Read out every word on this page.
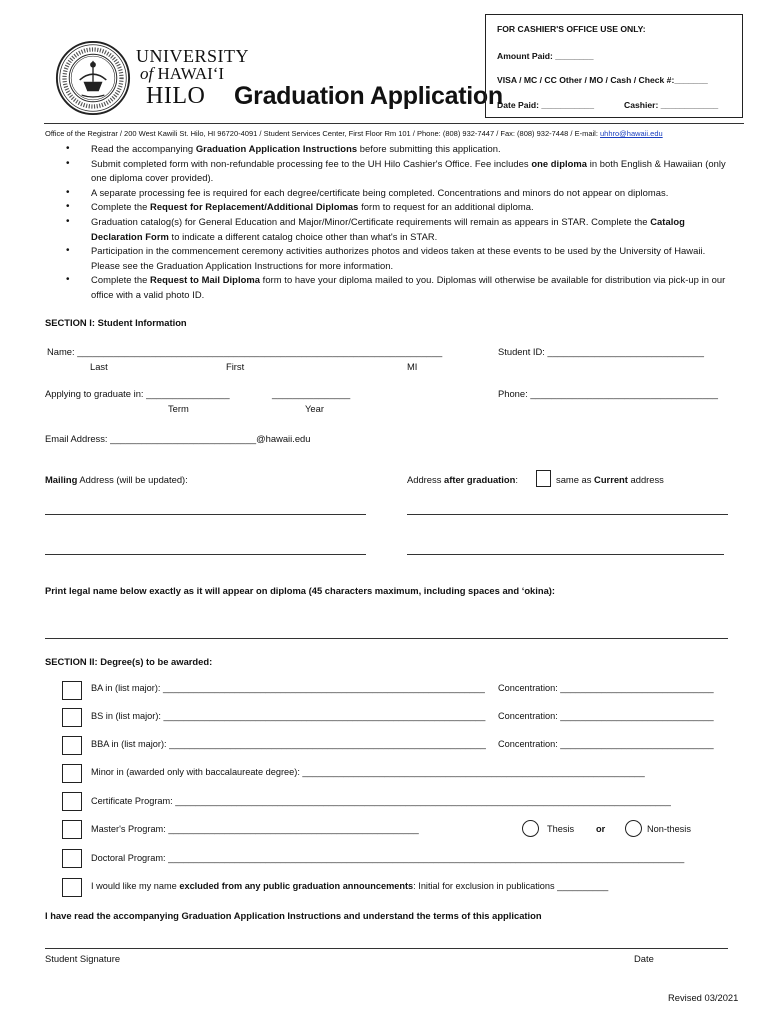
UNIVERSITY
of HAWAI‘I
HILO Graduation Application
FOR CASHIER'S OFFICE USE ONLY:
Amount Paid: ________
VISA / MC / CC Other / MO / Cash / Check #:_______
Date Paid: ___________	Cashier: ____________
Office of the Registrar / 200 West Kawili St. Hilo, HI 96720-4091 / Student Services Center, First Floor Rm 101 / Phone: (808) 932-7447 / Fax: (808) 932-7448 / E-mail: uhhro@hawaii.edu
• Read the accompanying Graduation Application Instructions before submitting this application.
• Submit completed form with non-refundable processing fee to the UH Hilo Cashier's Office. Fee includes one diploma in both English & Hawaiian (only one diploma cover provided).
• A separate processing fee is required for each degree/certificate being completed. Concentrations and minors do not appear on diplomas.
• Complete the Request for Replacement/Additional Diplomas form to request for an additional diploma.
• Graduation catalog(s) for General Education and Major/Minor/Certificate requirements will remain as appears in STAR. Complete the Catalog Declaration Form to indicate a different catalog choice other than what's in STAR.
• Participation in the commencement ceremony activities authorizes photos and videos taken at these events to be used by the University of Hawaii. Please see the Graduation Application Instructions for more information.
• Complete the Request to Mail Diploma form to have your diploma mailed to you. Diplomas will otherwise be available for distribution via pick-up in our office with a valid photo ID.
SECTION I: Student Information
Name: ______________________________________________________________________
Last	First	MI
Student ID: ______________________________
Applying to graduate in: ________________	_______________
Term	Year
Phone: ____________________________________
Email Address: ____________________________@hawaii.edu
Mailing Address (will be updated):	Address after graduation:	same as Current address
Print legal name below exactly as it will appear on diploma (45 characters maximum, including spaces and ‘okina):
SECTION II: Degree(s) to be awarded:
BA in (list major): _______________________________________________________________ Concentration: ______________________________
BS in (list major): _______________________________________________________________ Concentration: ______________________________
BBA in (list major): ______________________________________________________________ Concentration: ______________________________
Minor in (awarded only with baccalaureate degree): ___________________________________________________________________
Certificate Program: _________________________________________________________________________________________________
Master's Program: _________________________________________________	Thesis or	Non-thesis
Doctoral Program: _____________________________________________________________________________________________________
I would like my name excluded from any public graduation announcements: Initial for exclusion in publications __________
I have read the accompanying Graduation Application Instructions and understand the terms of this application
Student Signature	Date
Revised 03/2021
